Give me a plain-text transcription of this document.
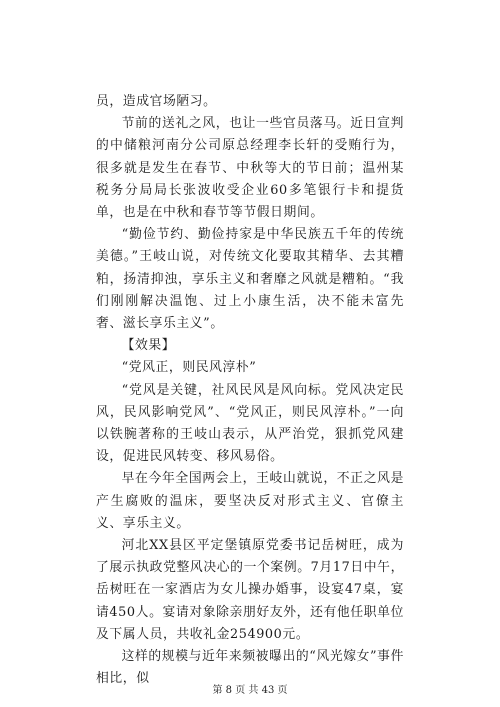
员，造成官场陋习。

节前的送礼之风，也让一些官员落马。近日宣判的中储粮河南分公司原总经理李长轩的受贿行为，很多就是发生在春节、中秋等大的节日前；温州某税务分局局长张波收受企业60多笔银行卡和提货单，也是在中秋和春节等节假日期间。

“勤俭节约、勤俭持家是中华民族五千年的传统美德。”王岐山说，对传统文化要取其精华、去其糟粕，扬清抑浊，享乐主义和奢靡之风就是糟粕。“我们刚刚解决温饱、过上小康生活，决不能未富先奢、滋长享乐主义”。

【效果】

“党风正，则民风淳朴”

“党风是关键，社风民风是风向标。党风决定民风，民风影响党风”、“党风正，则民风淳朴。”一向以铁腕著称的王岐山表示，从严治党，狠抓党风建设，促进民风转变、移风易俗。

早在今年全国两会上，王岐山就说，不正之风是产生腐败的温床，要坚决反对形式主义、官僚主义、享乐主义。

河北XX县区平定堡镇原党委书记岳树旺，成为了展示执政党整风决心的一个案例。7月17日中午，岳树旺在一家酒店为女儿操办婚事，设宴47桌，宴请450人。宴请对象除亲朋好友外，还有他任职单位及下属人员，共收礼金254900元。

这样的规模与近年来频被曝出的“风光嫁女”事件相比，似

第 8 页 共 43 页
